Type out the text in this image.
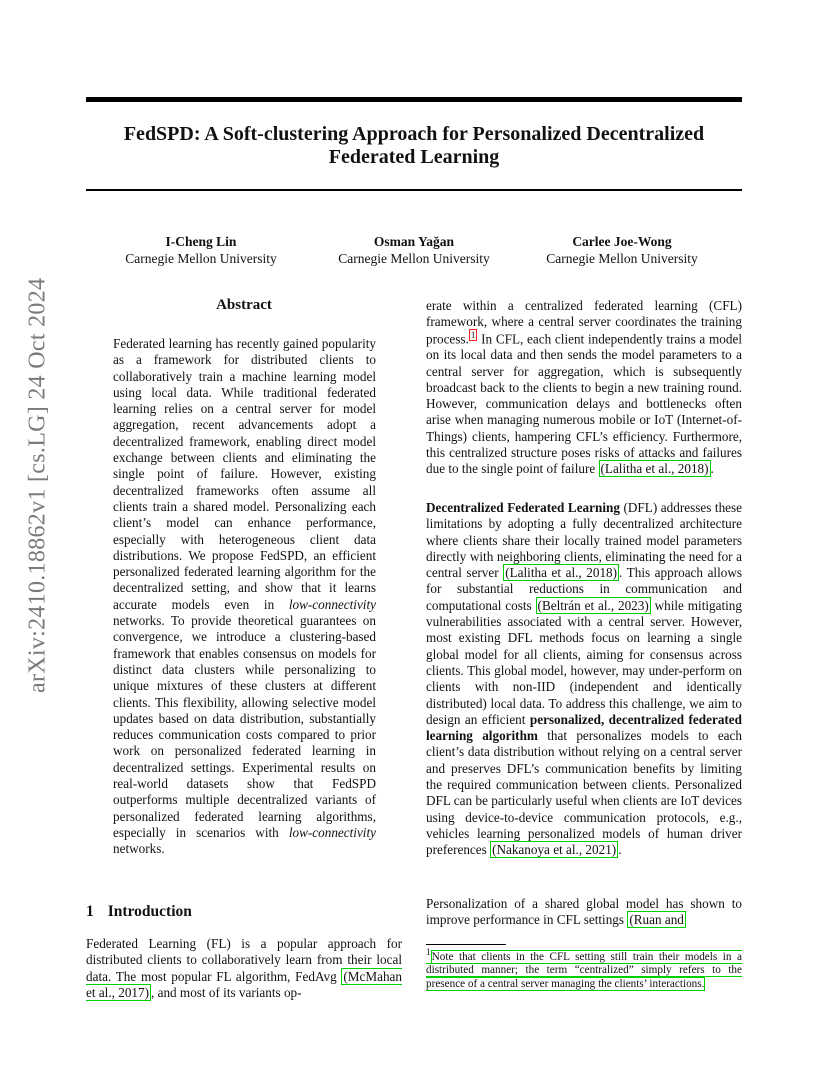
FedSPD: A Soft-clustering Approach for Personalized Decentralized
Federated Learning
I-Cheng Lin
Carnegie Mellon University
Osman Yağan
Carnegie Mellon University
Carlee Joe-Wong
Carnegie Mellon University
arXiv:2410.18862v1 [cs.LG] 24 Oct 2024	Abstract
Federated learning has recently gained popularity as a framework for distributed clients to collaboratively train a machine learning model using local data. While traditional federated learning relies on a central server for model aggregation, recent advancements adopt a decentralized framework, enabling direct model exchange between clients and eliminating the single point of failure. However, existing decentralized frameworks often assume all clients train a shared model. Personalizing each client’s model can enhance performance, especially with heterogeneous client data distributions. We propose FedSPD, an efficient personalized federated learning algorithm for the decentralized setting, and show that it learns accurate models even in low-connectivity networks. To provide theoretical guarantees on convergence, we introduce a clustering-based framework that enables consensus on models for distinct data clusters while personalizing to unique mixtures of these clusters at different clients. This flexibility, allowing selective model updates based on data distribution, substantially reduces communication costs compared to prior work on personalized federated learning in decentralized settings. Experimental results on real-world datasets show that FedSPD outperforms multiple decentralized variants of personalized federated learning algorithms, especially in scenarios with low-connectivity networks.
1 Introduction
Federated Learning (FL) is a popular approach for distributed clients to collaboratively learn from their local data. The most popular FL algorithm, FedAvg (McMahan et al., 2017) , and most of its variants op-

erate within a centralized federated learning (CFL) framework, where a central server coordinates the training process. $^1$ In CFL, each client independently trains a model on its local data and then sends the model parameters to a central server for aggregation, which is subsequently broadcast back to the clients to begin a new training round. However, communication delays and bottlenecks often arise when managing numerous mobile or IoT (Internet-of-Things) clients, hampering CFL’s efficiency. Furthermore, this centralized structure poses risks of attacks and failures due to the single point of failure (Lalitha et al., 2018) .

Decentralized Federated Learning (DFL) addresses these limitations by adopting a fully decentralized architecture where clients share their locally trained model parameters directly with neighboring clients, eliminating the need for a central server (Lalitha et al., 2018) . This approach allows for substantial reductions in communication and computational costs (Beltrán et al., 2023) while mitigating vulnerabilities associated with a central server. However, most existing DFL methods focus on learning a single global model for all clients, aiming for consensus across clients. This global model, however, may under-perform on clients with non-IID (independent and identically distributed) local data. To address this challenge, we aim to design an efficient personalized, decentralized federated learning algorithm that personalizes models to each client’s data distribution without relying on a central server and preserves DFL’s communication benefits by limiting the required communication between clients. Personalized DFL can be particularly useful when clients are IoT devices using device-to-device communication protocols, e.g., vehicles learning personalized models of human driver preferences (Nakanoya et al., 2021) .

Personalization of a shared global model has shown to improve performance in CFL settings (Ruan and

$^1$Note that clients in the CFL setting still train their models in a distributed manner; the term “centralized” simply refers to the presence of a central server managing the clients’ interactions.
